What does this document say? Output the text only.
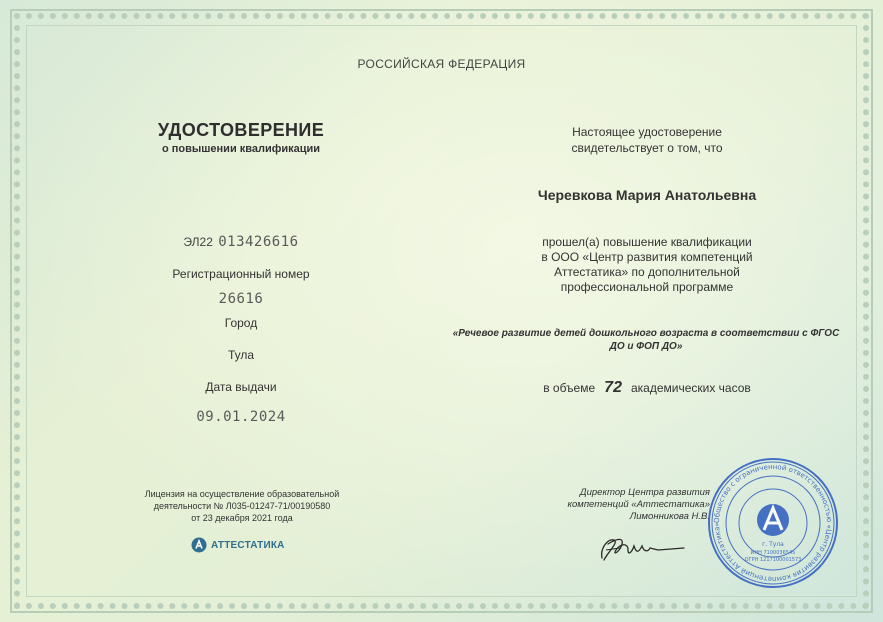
РОССИЙСКАЯ ФЕДЕРАЦИЯ
УДОСТОВЕРЕНИЕ
о повышении квалификации
ЭЛ22 013426616
Регистрационный номер
26616
Город
Тула
Дата выдачи
09.01.2024
Лицензия на осуществление образовательной
деятельности № Л035-01247-71/00190580
от 23 декабря 2021 года
АТТЕСТАТИКА
Настоящее удостоверение
свидетельствует о том, что
Черевкова Мария Анатольевна
прошел(а) повышение квалификации
в ООО «Центр развития компетенций
Аттестатика» по дополнительной
профессиональной программе
«Речевое развитие детей дошкольного возраста в соответствии с ФГОС
ДО и ФОП ДО»
в объеме 72 академических часов
Директор Центра развития
компетенций «Аттестатика»
Лимонникова Н.В. Общество с ограниченной ответственностью «Центр развития компетенций Аттестатика»
г. Тула
ИНН 7100036545
ОГРН 1217100001573
